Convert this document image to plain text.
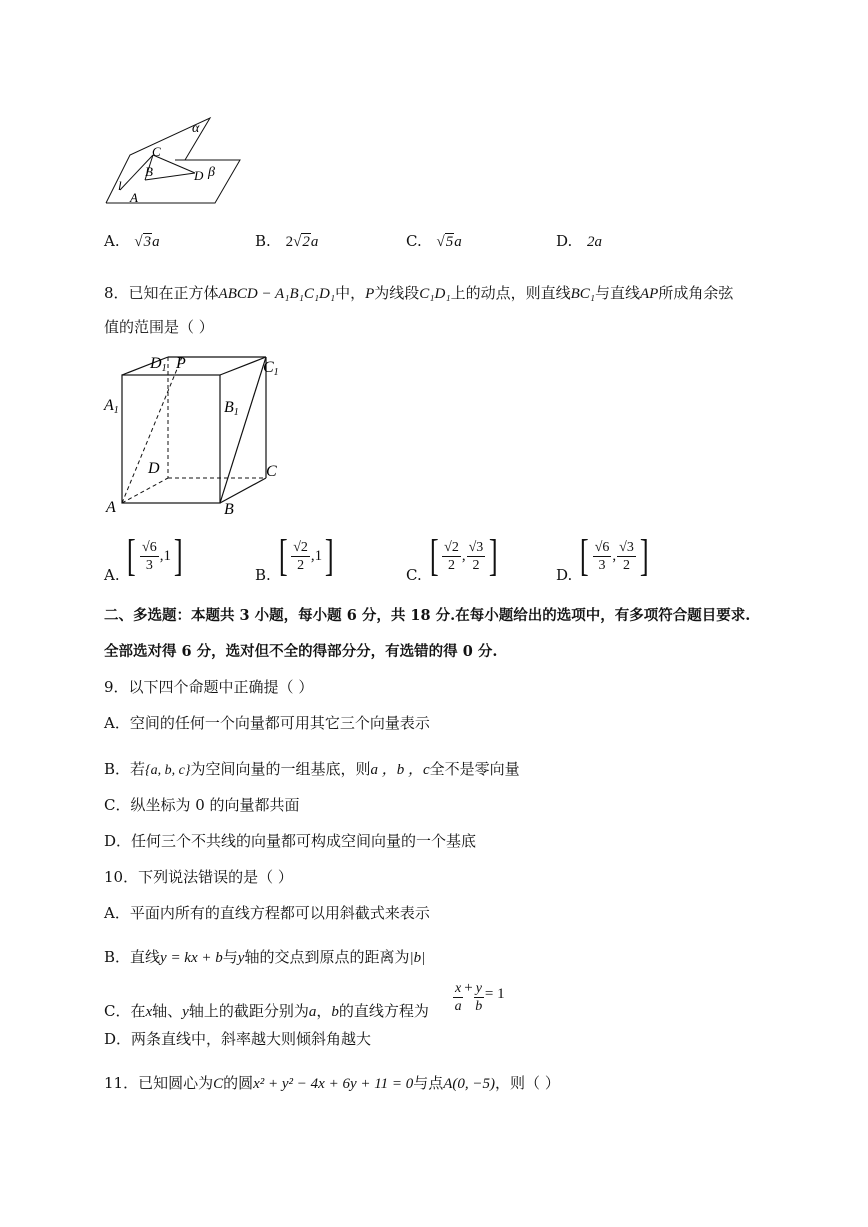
α
β
C
B	D
l
A
A. √3a	B. 2√2a	C. √5a	D. 2a
8．已知在正方体ABCD − A₁B₁C₁D₁中，P为线段C₁D₁上的动点，则直线BC₁与直线AP所成角余弦
值的范围是（ ）
D1 P	C1
A1	B1
D	C
A	B
A. [ $\frac{√6}{3}$ , 1 ]	B. [ $\frac{√2}{2}$ , 1 ]	C. [ $\frac{√2}{2}$ , $\frac{√3}{2}$ ]	D. [ $\frac{√6}{3}$ , $\frac{√3}{2}$ ]
二、多选题：本题共 3 小题，每小题 6 分，共 18 分.在每小题给出的选项中，有多项符合题目要求.
全部选对得 6 分，选对但不全的得部分分，有选错的得 0 分.
9．以下四个命题中正确提（ ）
A．空间的任何一个向量都可用其它三个向量表示
B．若{a, b, c}为空间向量的一组基底，则a ，b ，c全不是零向量
C．纵坐标为 0 的向量都共面
D．任何三个不共线的向量都可构成空间向量的一个基底
10．下列说法错误的是（ ）
A．平面内所有的直线方程都可以用斜截式来表示
B．直线y = kx + b与y轴的交点到原点的距离为|b|
C．在x轴、y轴上的截距分别为a，b的直线方程为 $\frac{x}{a} + \frac{y}{b} = 1$
D．两条直线中，斜率越大则倾斜角越大
11．已知圆心为C的圆x² + y² − 4x + 6y + 11 = 0与点A(0, −5)，则（ ）
